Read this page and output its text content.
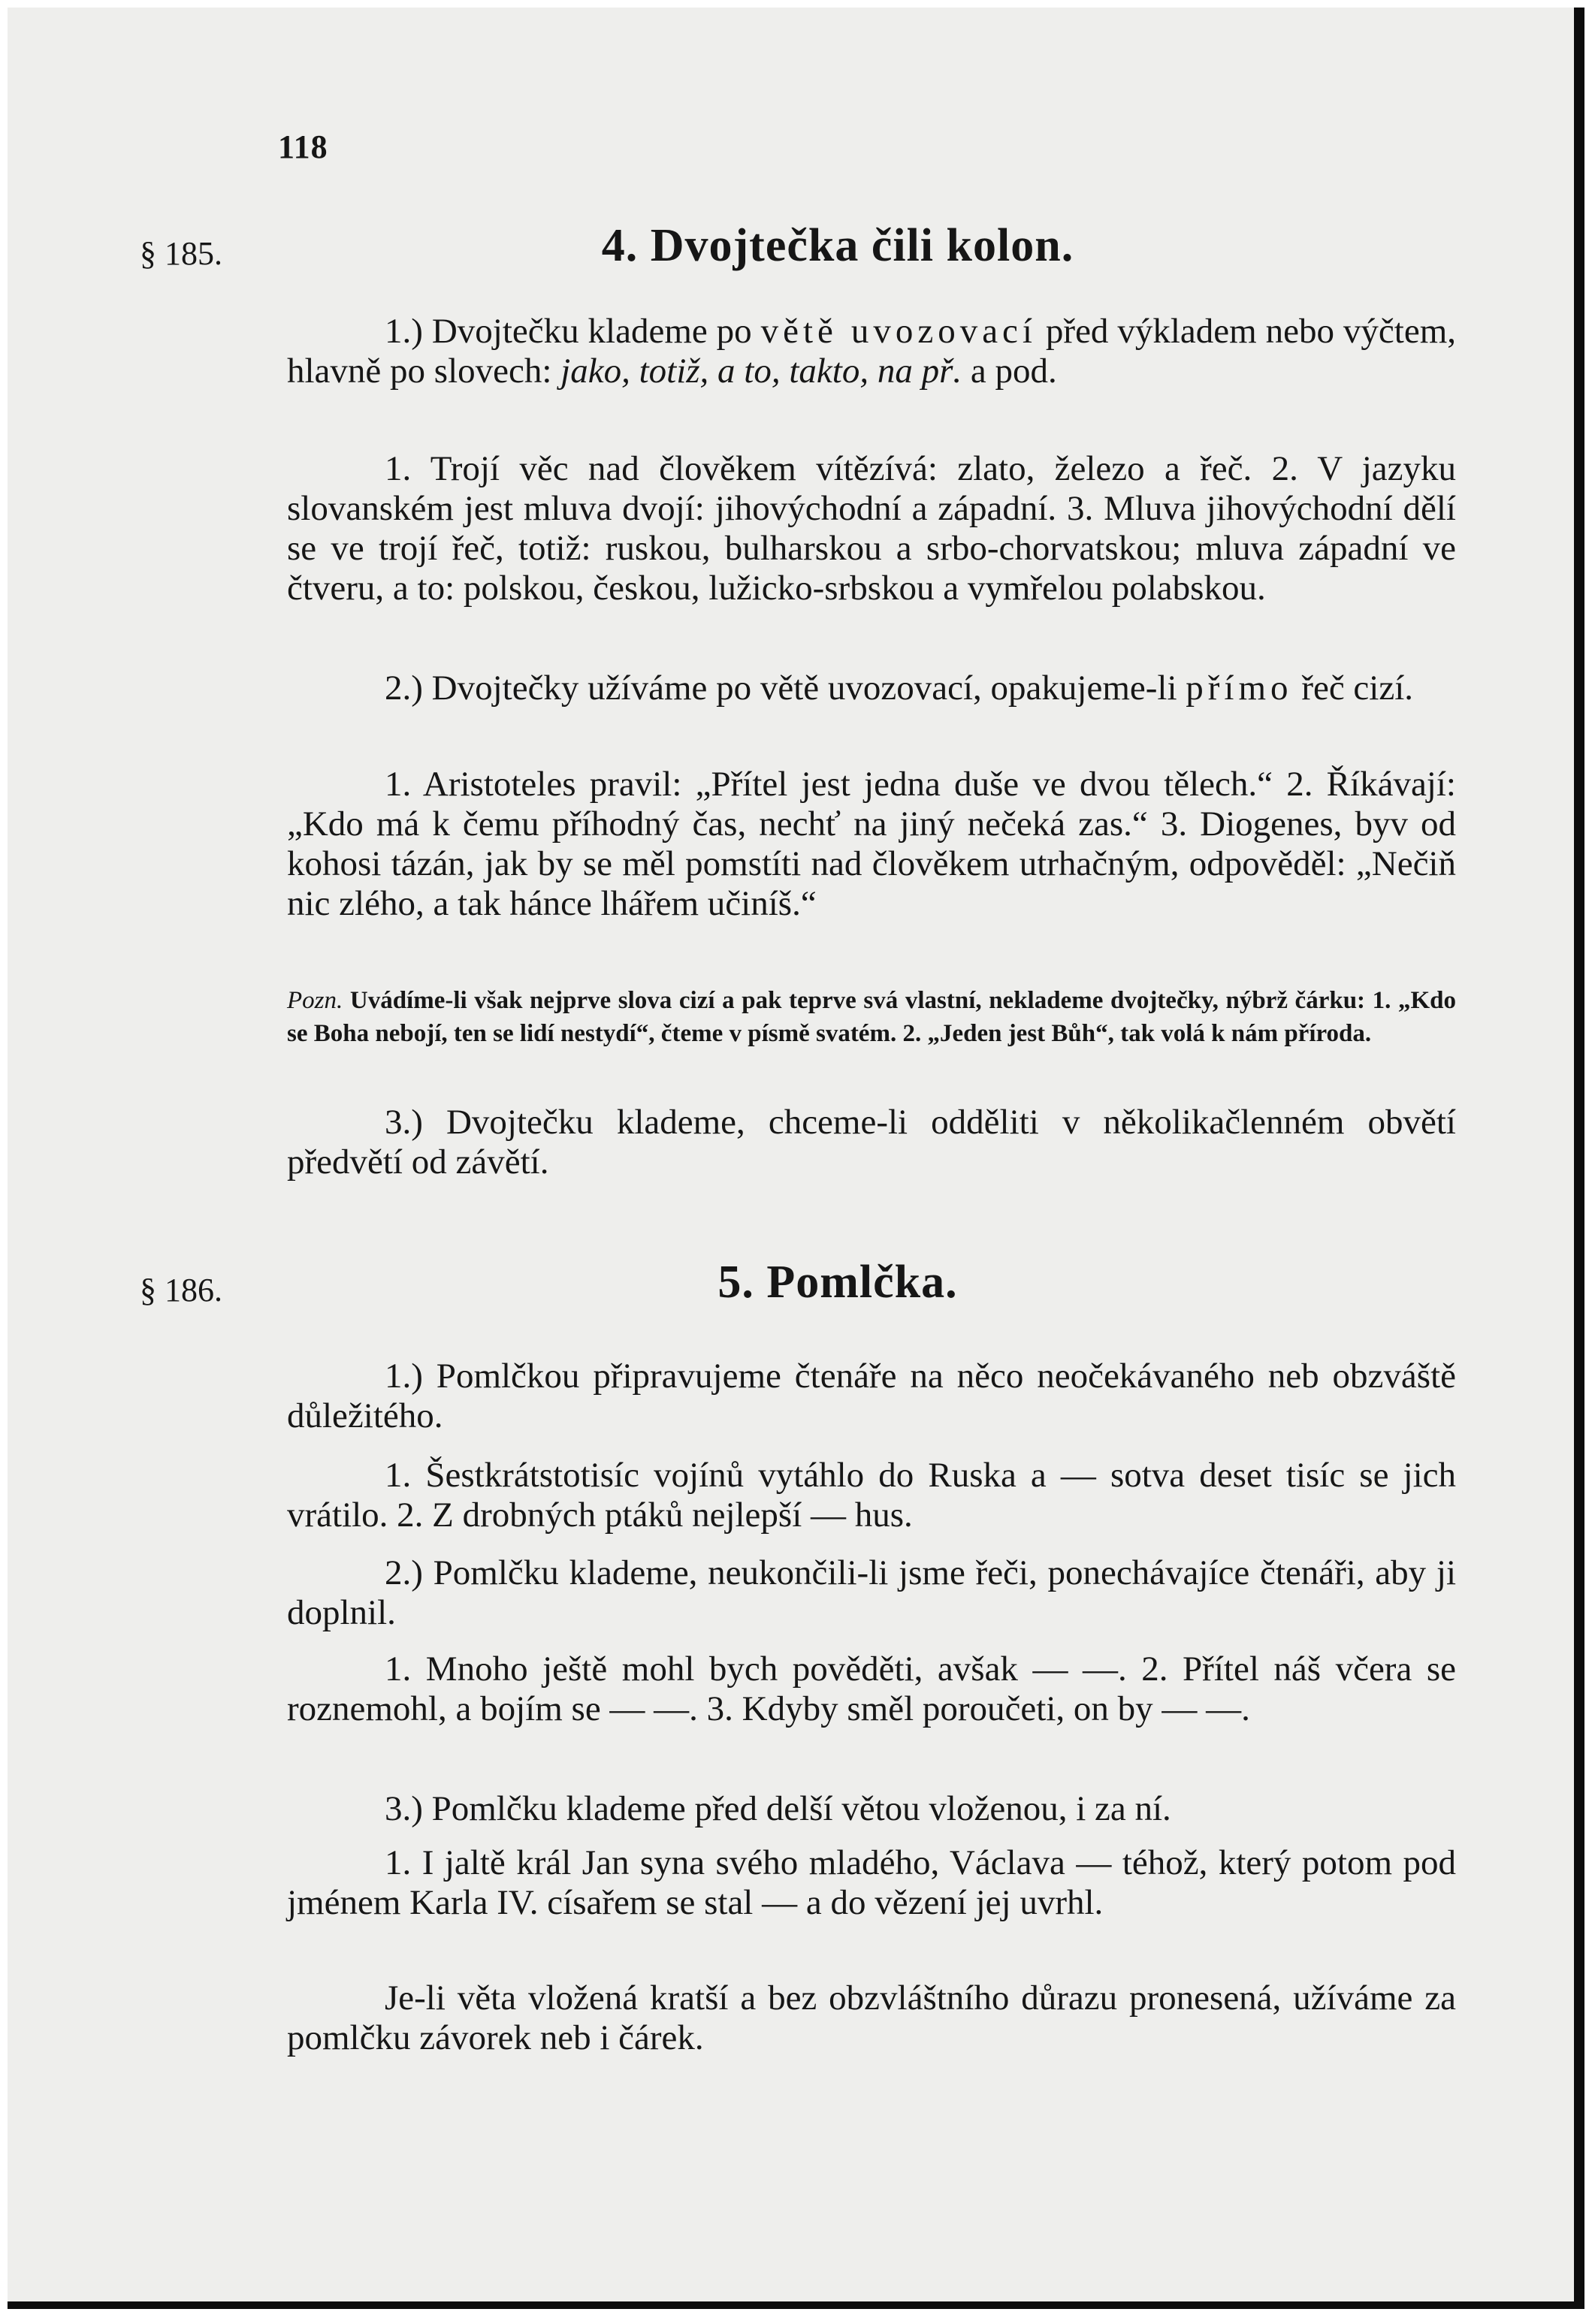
118
§ 185.	4. Dvojtečka čili kolon.

1.) Dvojtečku klademe po větě uvozovací před výkladem nebo výčtem, hlavně po slovech: jako, totiž, a to, takto, na př. a pod.

1. Trojí věc nad člověkem vítězívá: zlato, železo a řeč. 2. V jazyku slovanském jest mluva dvojí: jihovýchodní a západní. 3. Mluva jihovýchodní dělí se ve trojí řeč, totiž: ruskou, bulharskou a srbo-chorvatskou; mluva západní ve čtveru, a to: polskou, českou, lužicko-srbskou a vymřelou polabskou.

2.) Dvojtečky užíváme po větě uvozovací, opakujeme-li přímo řeč cizí.

1. Aristoteles pravil: „Přítel jest jedna duše ve dvou tělech.“ 2. Říkávají: „Kdo má k čemu příhodný čas, nechť na jiný nečeká zas.“ 3. Diogenes, byv od kohosi tázán, jak by se měl pomstíti nad člověkem utrhačným, odpověděl: „Nečiň nic zlého, a tak hánce lhářem učiníš.“

Pozn. Uvádíme-li však nejprve slova cizí a pak teprve svá vlastní, neklademe dvojtečky, nýbrž čárku: 1. „Kdo se Boha nebojí, ten se lidí nestydí“, čteme v písmě svatém. 2. „Jeden jest Bůh“, tak volá k nám příroda.

3.) Dvojtečku klademe, chceme-li odděliti v několikačlenném obvětí předvětí od závětí.

§ 186.	5. Pomlčka.

1.) Pomlčkou připravujeme čtenáře na něco neočekávaného neb obzváště důležitého.

1. Šestkrátstotisíc vojínů vytáhlo do Ruska a — sotva deset tisíc se jich vrátilo. 2. Z drobných ptáků nejlepší — hus.

2.) Pomlčku klademe, neukončili-li jsme řeči, ponechávajíce čtenáři, aby ji doplnil.

1. Mnoho ještě mohl bych pověděti, avšak — —. 2. Přítel náš včera se roznemohl, a bojím se — —. 3. Kdyby směl poroučeti, on by — —.

3.) Pomlčku klademe před delší větou vloženou, i za ní.

1. I jaltě král Jan syna svého mladého, Václava — téhož, který potom pod jménem Karla IV. císařem se stal — a do vězení jej uvrhl.

Je-li věta vložená kratší a bez obzvláštního důrazu pronesená, užíváme za pomlčku závorek neb i čárek.
